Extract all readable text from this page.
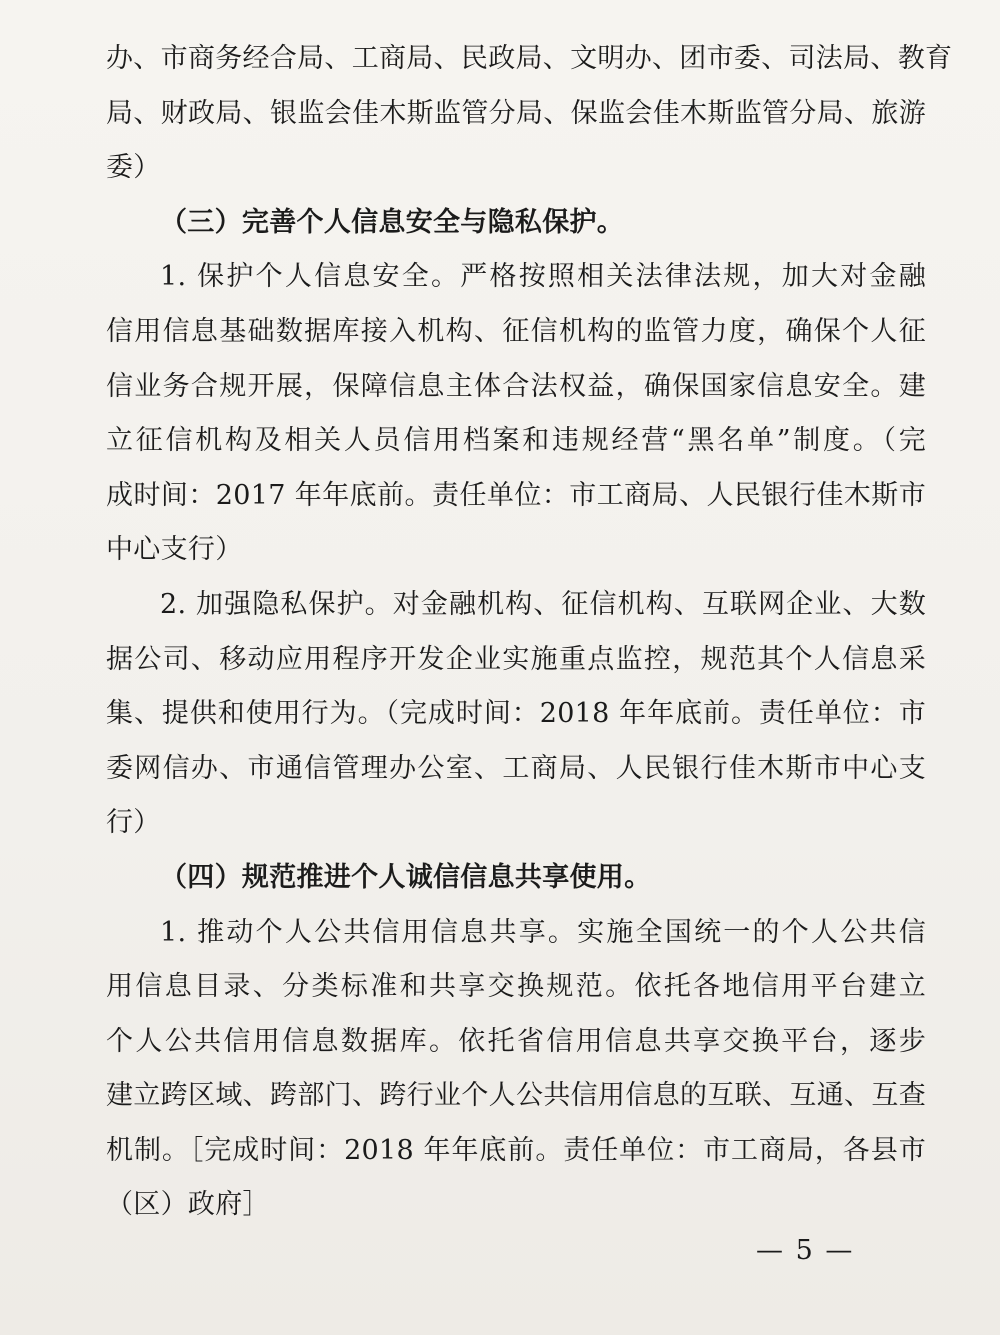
办、市商务经合局、工商局、民政局、文明办、团市委、司法局、教育
局、财政局、银监会佳木斯监管分局、保监会佳木斯监管分局、旅游
委）
（三）完善个人信息安全与隐私保护。
1. 保护个人信息安全。严格按照相关法律法规，加大对金融
信用信息基础数据库接入机构、征信机构的监管力度，确保个人征
信业务合规开展，保障信息主体合法权益，确保国家信息安全。建
立征信机构及相关人员信用档案和违规经营“黑名单”制度。（完
成时间：2017 年年底前。责任单位：市工商局、人民银行佳木斯市
中心支行）
2. 加强隐私保护。对金融机构、征信机构、互联网企业、大数
据公司、移动应用程序开发企业实施重点监控，规范其个人信息采
集、提供和使用行为。（完成时间：2018 年年底前。责任单位：市
委网信办、市通信管理办公室、工商局、人民银行佳木斯市中心支
行）
（四）规范推进个人诚信信息共享使用。
1. 推动个人公共信用信息共享。实施全国统一的个人公共信
用信息目录、分类标准和共享交换规范。依托各地信用平台建立
个人公共信用信息数据库。依托省信用信息共享交换平台，逐步
建立跨区域、跨部门、跨行业个人公共信用信息的互联、互通、互查
机制。［完成时间：2018 年年底前。责任单位：市工商局，各县市
（区）政府］
— 5 —
